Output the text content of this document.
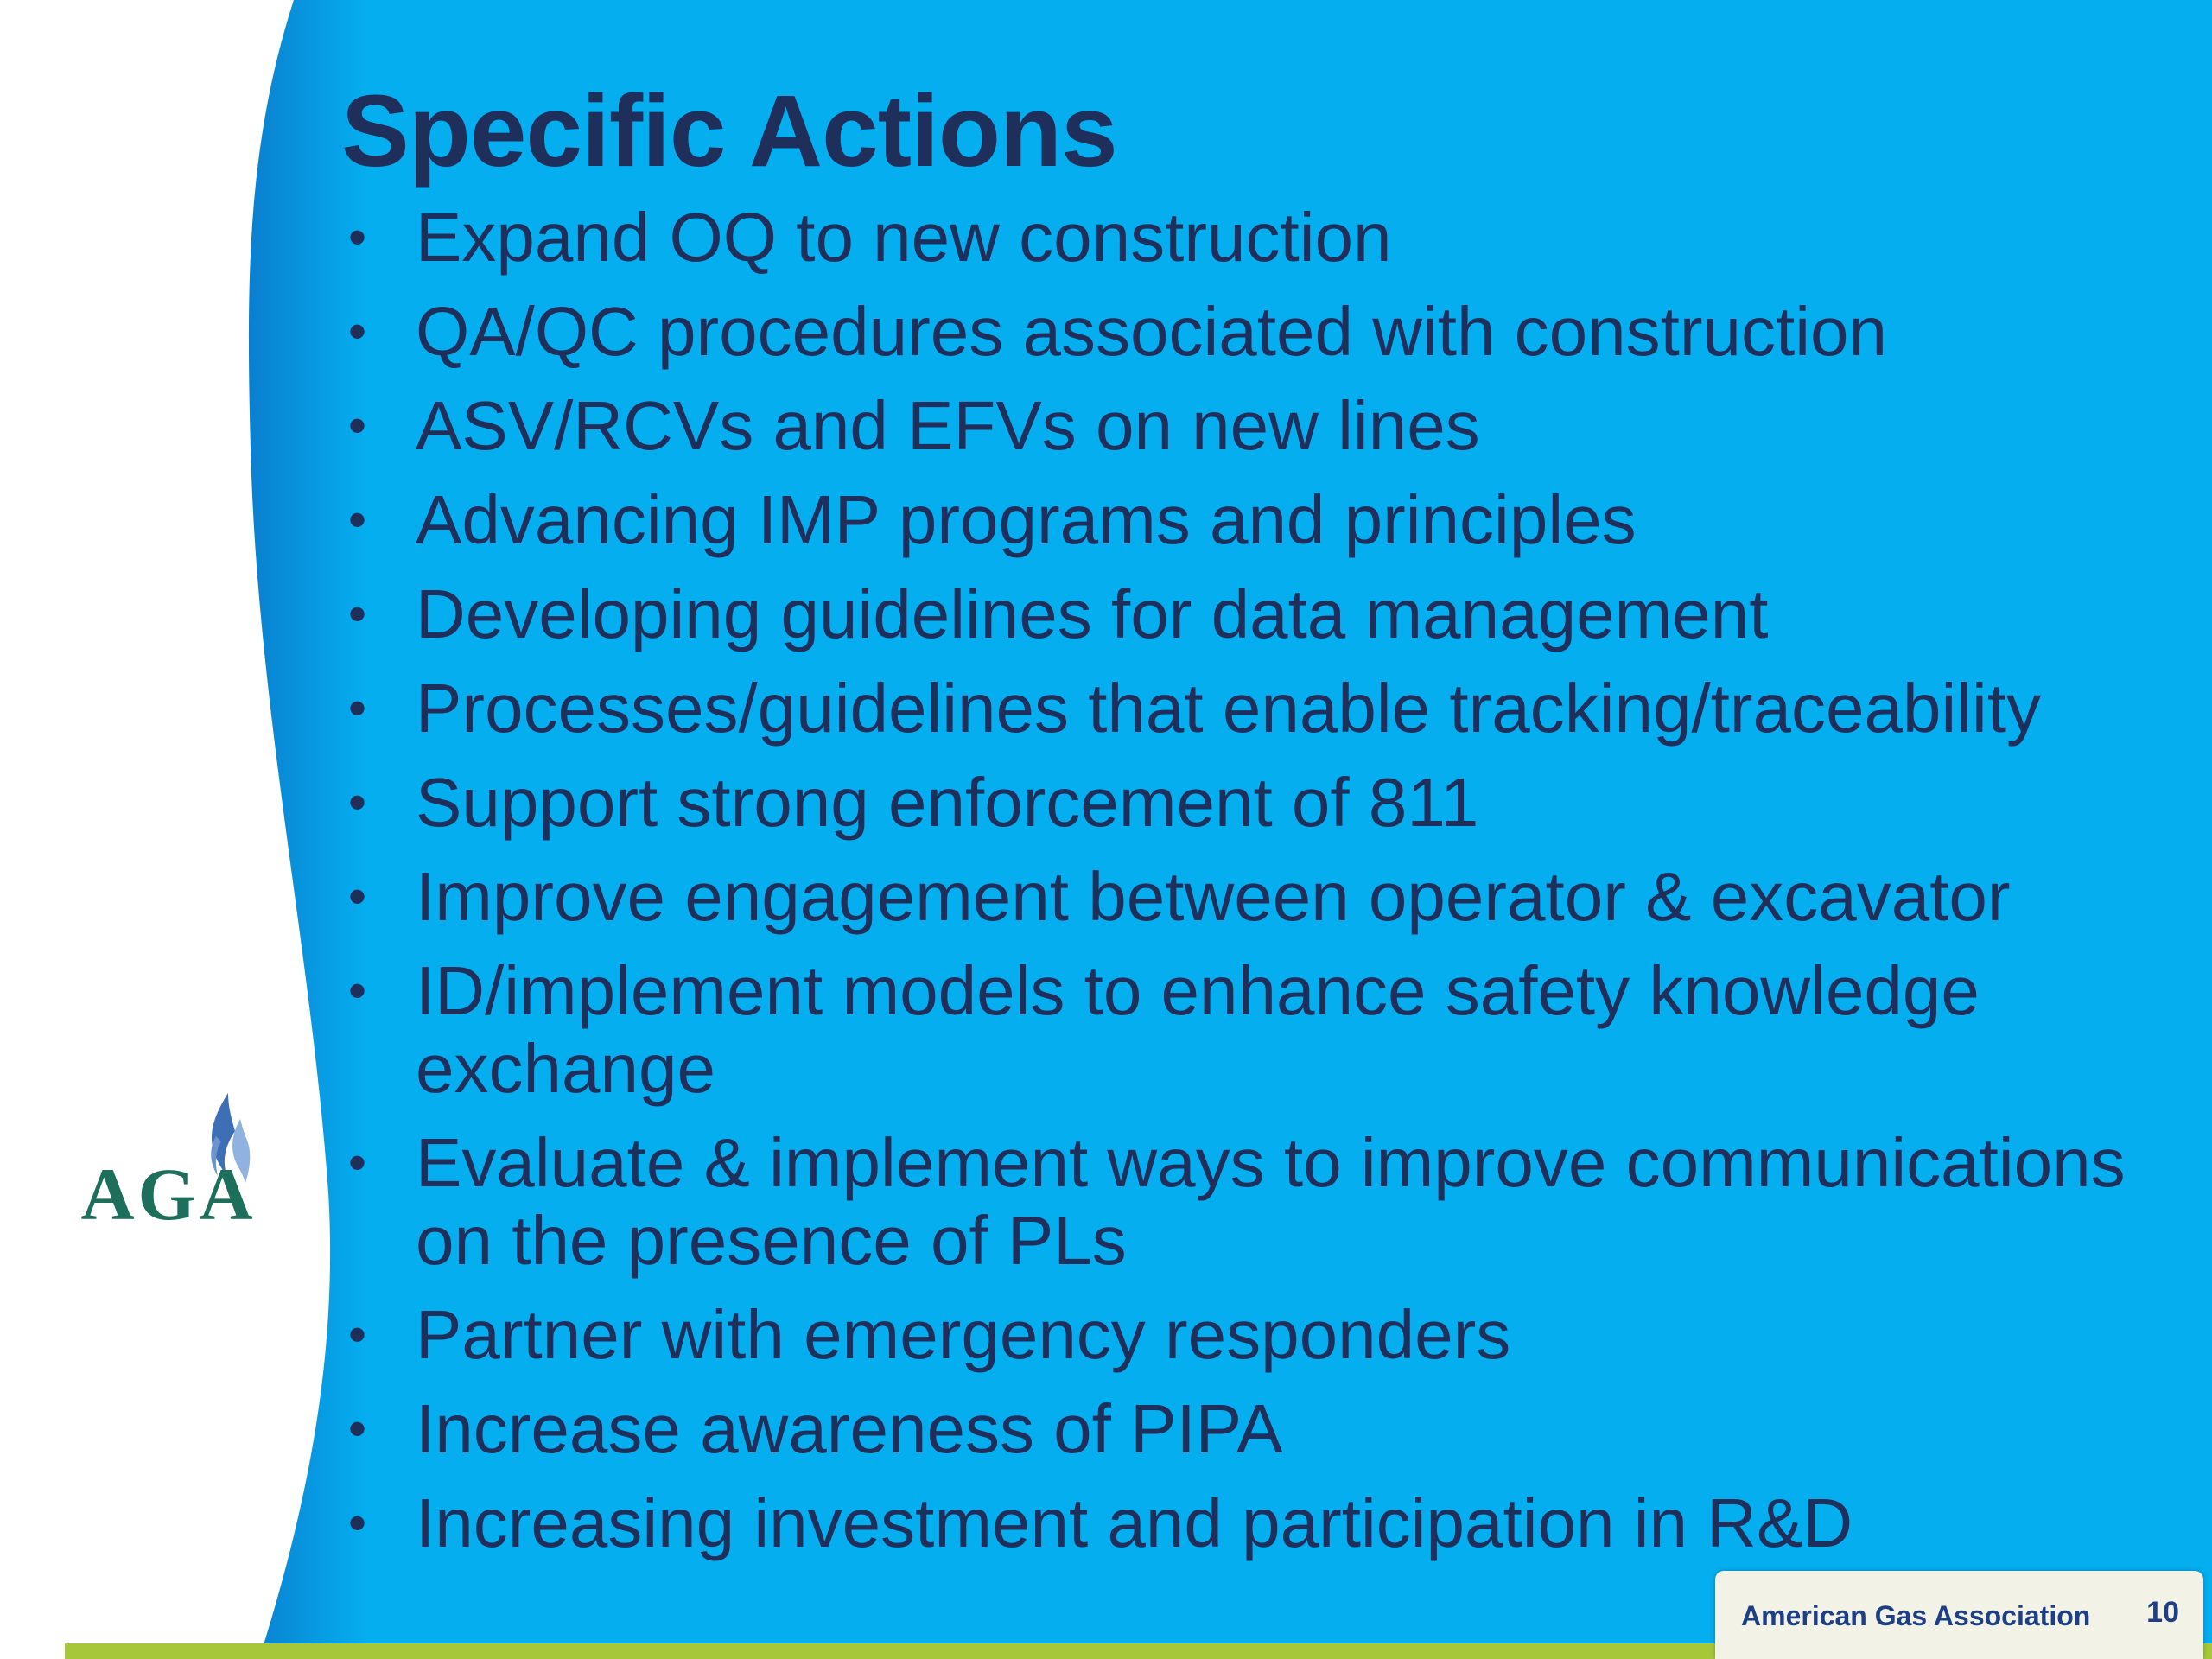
Specific Actions
• Expand OQ to new construction
• QA/QC procedures associated with construction
• ASV/RCVs and EFVs on new lines
• Advancing IMP programs and principles
• Developing guidelines for data management
• Processes/guidelines that enable tracking/traceability
• Support strong enforcement of 811
• Improve engagement between operator & excavator
• ID/implement models to enhance safety knowledge exchange
• Evaluate & implement ways to improve communications on the presence of PLs
• Partner with emergency responders
• Increase awareness of PIPA
• Increasing investment and participation in R&D
AGA
American Gas Association 10
